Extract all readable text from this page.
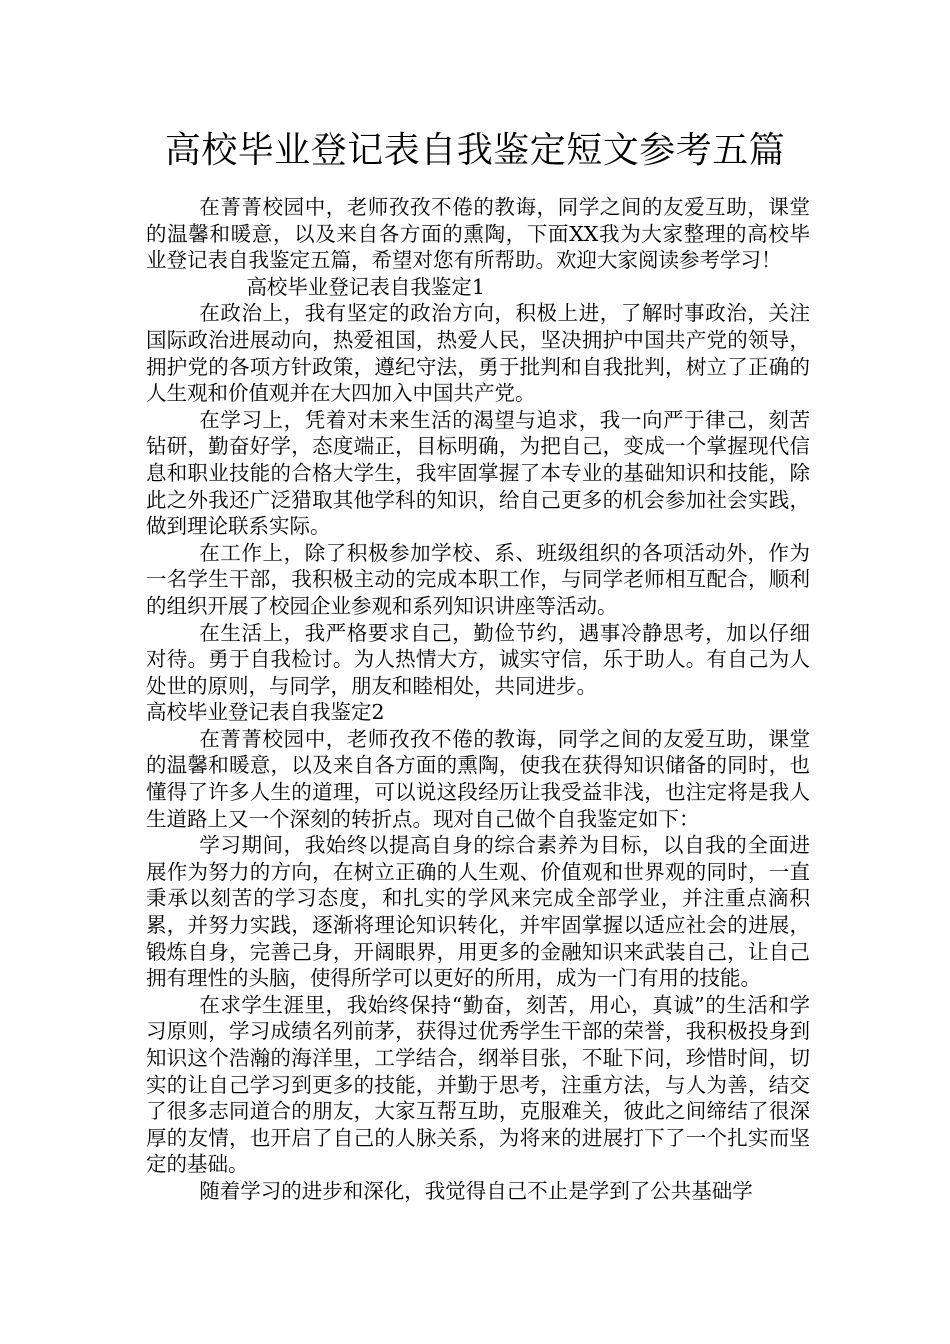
高校毕业登记表自我鉴定短文参考五篇

在菁菁校园中，老师孜孜不倦的教诲，同学之间的友爱互助，课堂的温馨和暖意，以及来自各方面的熏陶，下面XX我为大家整理的高校毕业登记表自我鉴定五篇，希望对您有所帮助。欢迎大家阅读参考学习！

高校毕业登记表自我鉴定1

在政治上，我有坚定的政治方向，积极上进，了解时事政治，关注国际政治进展动向，热爱祖国，热爱人民，坚决拥护中国共产党的领导，拥护党的各项方针政策，遵纪守法，勇于批判和自我批判，树立了正确的人生观和价值观并在大四加入中国共产党。

在学习上，凭着对未来生活的渴望与追求，我一向严于律己，刻苦钻研，勤奋好学，态度端正，目标明确，为把自己，变成一个掌握现代信息和职业技能的合格大学生，我牢固掌握了本专业的基础知识和技能，除此之外我还广泛猎取其他学科的知识，给自己更多的机会参加社会实践，做到理论联系实际。

在工作上，除了积极参加学校、系、班级组织的各项活动外，作为一名学生干部，我积极主动的完成本职工作，与同学老师相互配合，顺利的组织开展了校园企业参观和系列知识讲座等活动。

在生活上，我严格要求自己，勤俭节约，遇事冷静思考，加以仔细对待。勇于自我检讨。为人热情大方，诚实守信，乐于助人。有自己为人处世的原则，与同学，朋友和睦相处，共同进步。

高校毕业登记表自我鉴定2

在菁菁校园中，老师孜孜不倦的教诲，同学之间的友爱互助，课堂的温馨和暖意，以及来自各方面的熏陶，使我在获得知识储备的同时，也懂得了许多人生的道理，可以说这段经历让我受益非浅，也注定将是我人生道路上又一个深刻的转折点。现对自己做个自我鉴定如下：

学习期间，我始终以提高自身的综合素养为目标，以自我的全面进展作为努力的方向，在树立正确的人生观、价值观和世界观的同时，一直秉承以刻苦的学习态度，和扎实的学风来完成全部学业，并注重点滴积累，并努力实践，逐渐将理论知识转化，并牢固掌握以适应社会的进展，锻炼自身，完善己身，开阔眼界，用更多的金融知识来武装自己，让自己拥有理性的头脑，使得所学可以更好的所用，成为一门有用的技能。

在求学生涯里，我始终保持“勤奋，刻苦，用心，真诚”的生活和学习原则，学习成绩名列前茅，获得过优秀学生干部的荣誉，我积极投身到知识这个浩瀚的海洋里，工学结合，纲举目张，不耻下问，珍惜时间，切实的让自己学习到更多的技能，并勤于思考，注重方法，与人为善，结交了很多志同道合的朋友，大家互帮互助，克服难关，彼此之间缔结了很深厚的友情，也开启了自己的人脉关系，为将来的进展打下了一个扎实而坚定的基础。

随着学习的进步和深化，我觉得自己不止是学到了公共基础学
